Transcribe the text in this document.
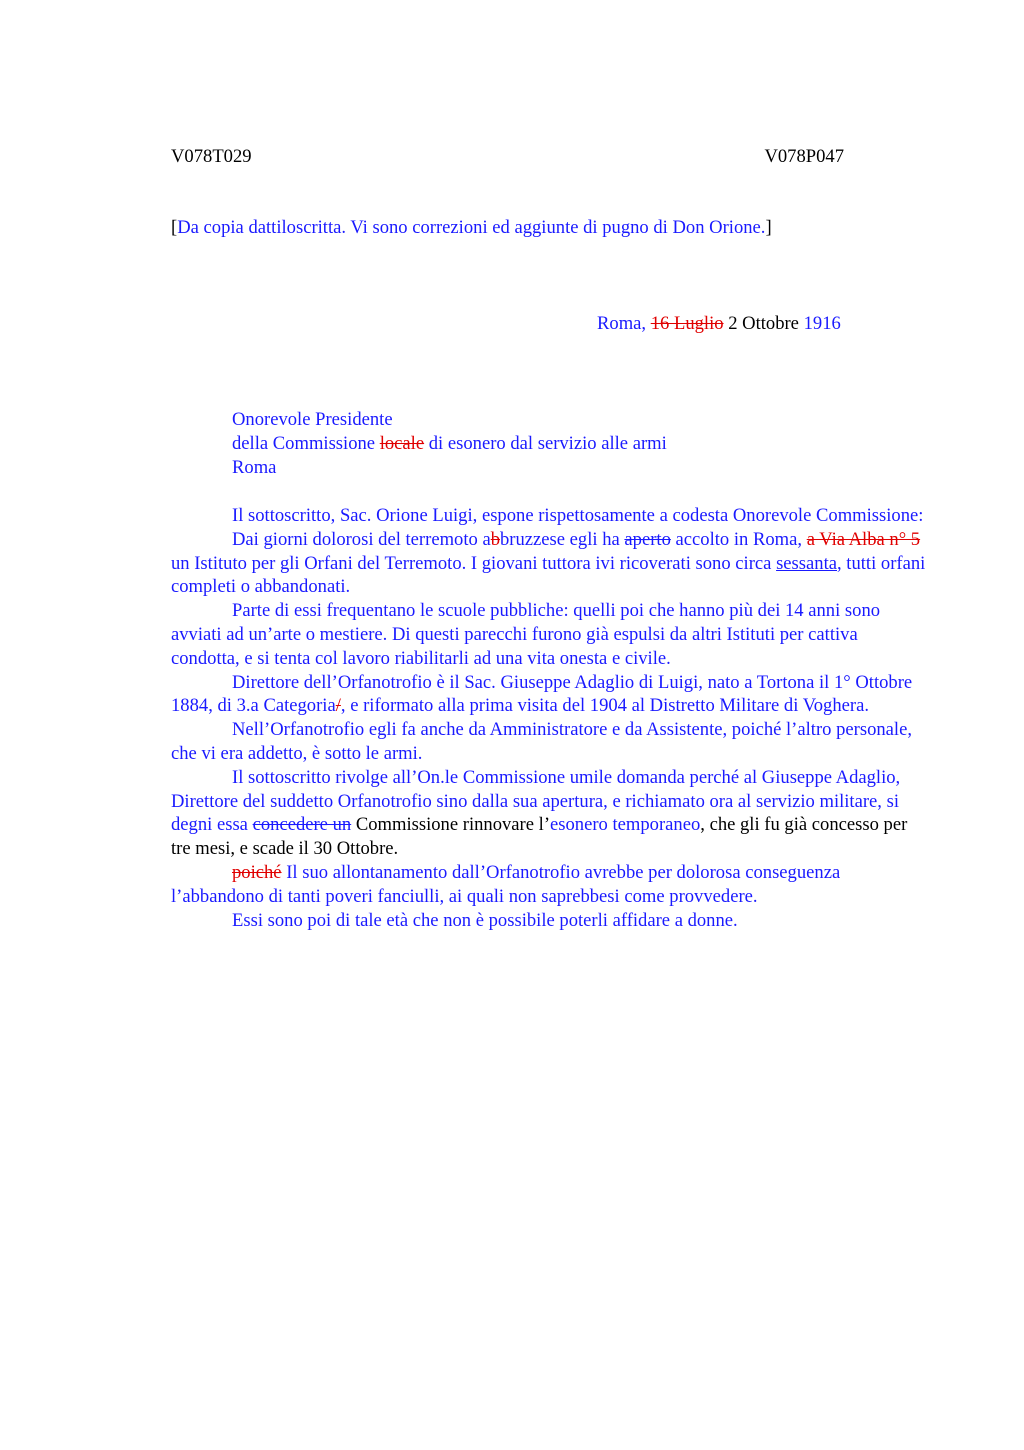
V078T029	V078P047
[Da copia dattiloscritta. Vi sono correzioni ed aggiunte di pugno di Don Orione.]
Roma, 16 Luglio 2 Ottobre 1916
Onorevole Presidente
della Commissione locale di esonero dal servizio alle armi
Roma

Il sottoscritto, Sac. Orione Luigi, espone rispettosamente a codesta Onorevole Commissione:

Dai giorni dolorosi del terremoto abbruzzese egli ha aperto accolto in Roma, a Via Alba n° 5 un Istituto per gli Orfani del Terremoto. I giovani tuttora ivi ricoverati sono circa sessanta, tutti orfani completi o abbandonati.

Parte di essi frequentano le scuole pubbliche: quelli poi che hanno più dei 14 anni sono avviati ad un’arte o mestiere. Di questi parecchi furono già espulsi da altri Istituti per cattiva condotta, e si tenta col lavoro riabilitarli ad una vita onesta e civile.

Direttore dell’Orfanotrofio è il Sac. Giuseppe Adaglio di Luigi, nato a Tortona il 1° Ottobre 1884, di 3.a Categoria/, e riformato alla prima visita del 1904 al Distretto Militare di Voghera.

Nell’Orfanotrofio egli fa anche da Amministratore e da Assistente, poiché l’altro personale, che vi era addetto, è sotto le armi.

Il sottoscritto rivolge all’On.le Commissione umile domanda perché al Giuseppe Adaglio, Direttore del suddetto Orfanotrofio sino dalla sua apertura, e richiamato ora al servizio militare, si degni essa concedere un Commissione rinnovare l’esonero temporaneo, che gli fu già concesso per tre mesi, e scade il 30 Ottobre.

poiché Il suo allontanamento dall’Orfanotrofio avrebbe per dolorosa conseguenza l’abbandono di tanti poveri fanciulli, ai quali non saprebbesi come provvedere.

Essi sono poi di tale età che non è possibile poterli affidare a donne.
